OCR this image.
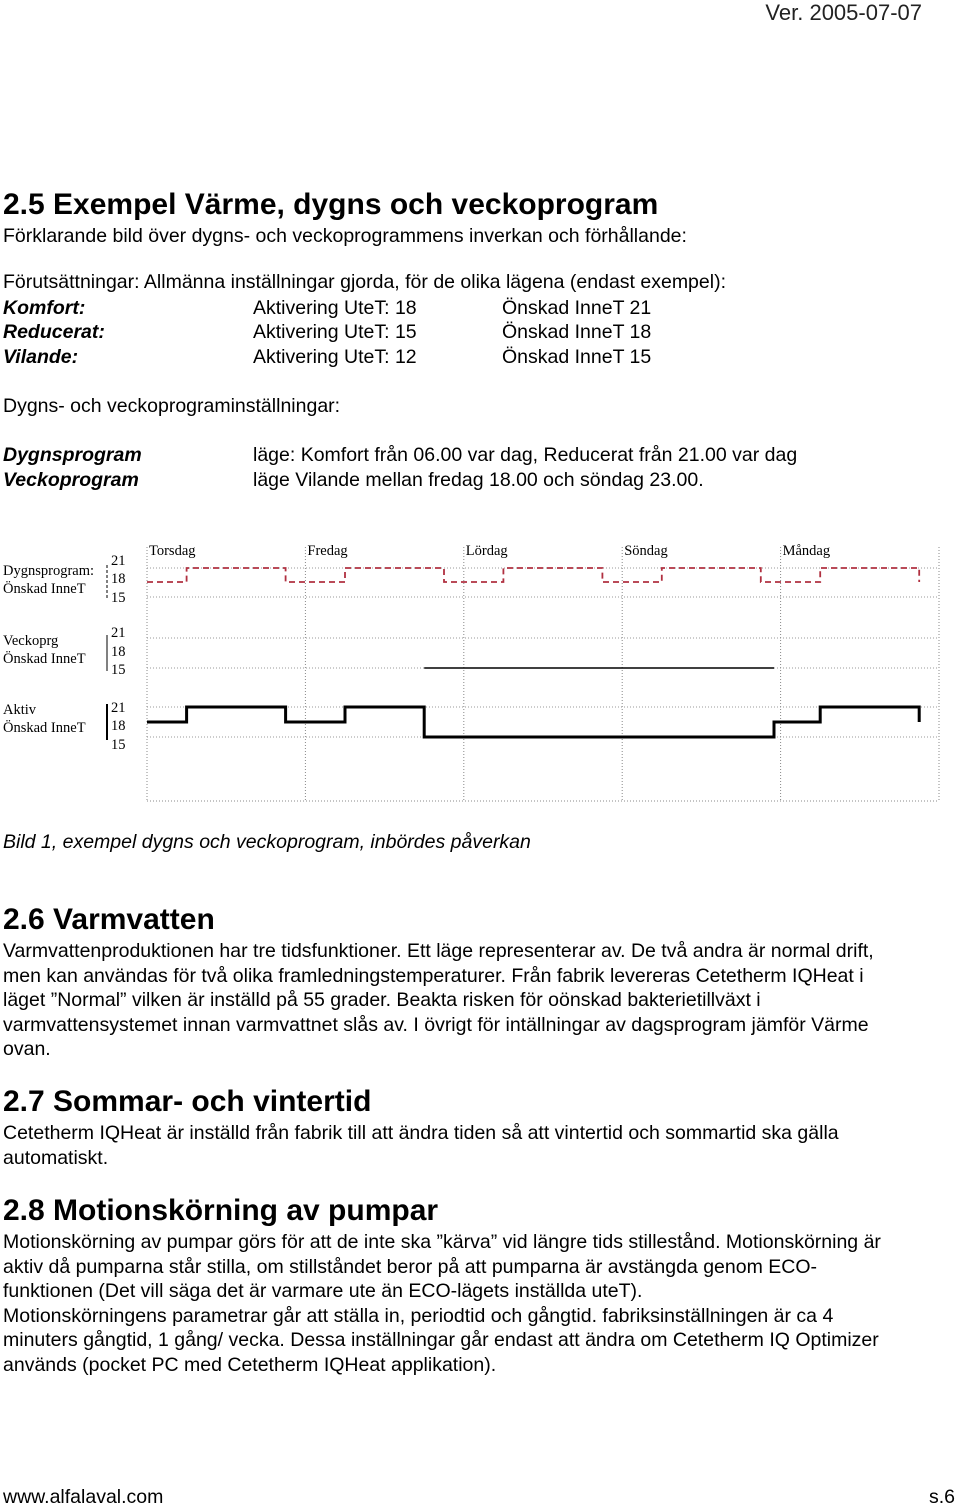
Ver. 2005-07-07
2.5 Exempel Värme, dygns och veckoprogram
Förklarande bild över dygns- och veckoprogrammens inverkan och förhållande:
Förutsättningar: Allmänna inställningar gjorda, för de olika lägena (endast exempel):
Komfort:	Aktivering UteT: 18	Önskad InneT 21
Reducerat:	Aktivering UteT: 15	Önskad InneT 18
Vilande:	Aktivering UteT: 12	Önskad InneT 15
Dygns- och veckoprograminställningar:
Dygnsprogram	läge: Komfort från 06.00 var dag, Reducerat från 21.00 var dag
Veckoprogram	läge Vilande mellan fredag 18.00 och söndag 23.00.
Torsdag	Fredag	Lördag	Söndag	Måndag
21
18
15
Dygnsprogram:
Önskad InneT
21
18
15
Veckoprg
Önskad InneT
21
18
15
Aktiv
Önskad InneT
Bild 1, exempel dygns och veckoprogram, inbördes påverkan
2.6 Varmvatten

Varmvattenproduktionen har tre tidsfunktioner. Ett läge representerar av. De två andra är normal drift,

men kan användas för två olika framledningstemperaturer. Från fabrik levereras Cetetherm IQHeat i

läget ”Normal” vilken är inställd på 55 grader. Beakta risken för oönskad bakterietillväxt i

varmvattensystemet innan varmvattnet slås av. I övrigt för intällningar av dagsprogram jämför Värme

ovan.

2.7 Sommar- och vintertid

Cetetherm IQHeat är inställd från fabrik till att ändra tiden så att vintertid och sommartid ska gälla

automatiskt.

2.8 Motionskörning av pumpar

Motionskörning av pumpar görs för att de inte ska ”kärva” vid längre tids stillestånd. Motionskörning är

aktiv då pumparna står stilla, om stillståndet beror på att pumparna är avstängda genom ECO-

funktionen (Det vill säga det är varmare ute än ECO-lägets inställda uteT).

Motionskörningens parametrar går att ställa in, periodtid och gångtid. fabriksinställningen är ca 4

minuters gångtid, 1 gång/ vecka. Dessa inställningar går endast att ändra om Cetetherm IQ Optimizer

används (pocket PC med Cetetherm IQHeat applikation).

www.alfalaval.com	s.6
